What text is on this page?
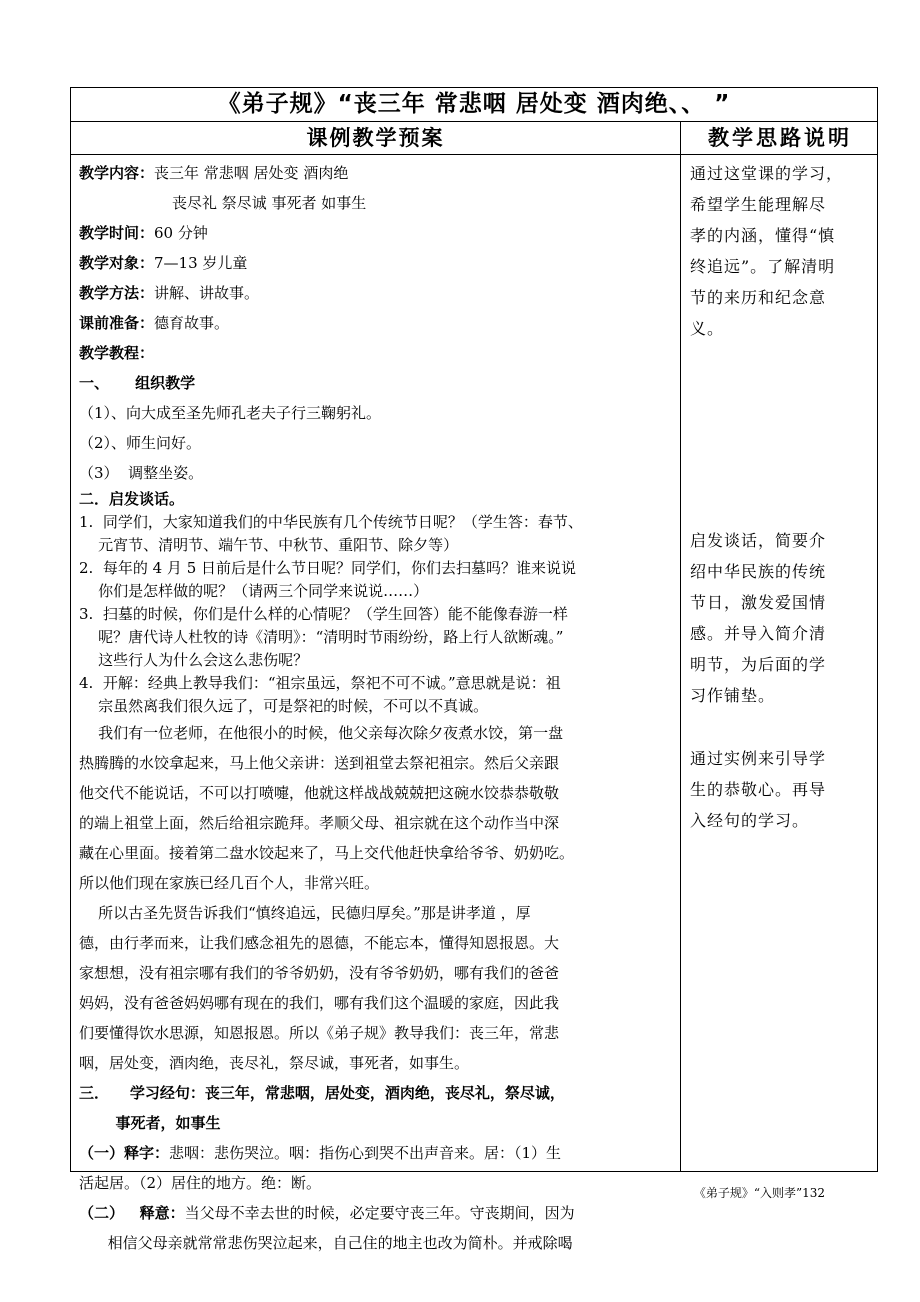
《弟子规》“丧三年 常悲咽 居处变 酒肉绝、、 ”
课例教学预案	教学思路说明
教学内容：丧三年 常悲咽 居处变 酒肉绝
丧尽礼 祭尽诚 事死者 如事生
教学时间：60 分钟
教学对象：7—13 岁儿童
教学方法：讲解、讲故事。
课前准备：德育故事。
教学教程：
一、     组织教学
（1）、向大成至圣先师孔老夫子行三鞠躬礼。
（2）、师生问好。
（3）  调整坐姿。
二．启发谈话。
1.  同学们，大家知道我们的中华民族有几个传统节日呢？（学生答：春节、
元宵节、清明节、端午节、中秋节、重阳节、除夕等）
2.  每年的 4 月 5 日前后是什么节日呢？同学们，你们去扫墓吗？谁来说说
你们是怎样做的呢？（请两三个同学来说说……）
3.  扫墓的时候，你们是什么样的心情呢？（学生回答）能不能像春游一样
呢？唐代诗人杜牧的诗《清明》：“清明时节雨纷纷，路上行人欲断魂。”
这些行人为什么会这么悲伤呢？
4.  开解：经典上教导我们：“祖宗虽远，祭祀不可不诚。”意思就是说：祖
宗虽然离我们很久远了，可是祭祀的时候，不可以不真诚。
我们有一位老师，在他很小的时候，他父亲每次除夕夜煮水饺，第一盘
热腾腾的水饺拿起来，马上他父亲讲：送到祖堂去祭祀祖宗。然后父亲跟
他交代不能说话，不可以打喷嚏，他就这样战战兢兢把这碗水饺恭恭敬敬
的端上祖堂上面，然后给祖宗跪拜。孝顺父母、祖宗就在这个动作当中深
藏在心里面。接着第二盘水饺起来了，马上交代他赶快拿给爷爷、奶奶吃。
所以他们现在家族已经几百个人，非常兴旺。
所以古圣先贤告诉我们“慎终追远，民德归厚矣。”那是讲孝道 ，厚
德，由行孝而来，让我们感念祖先的恩德，不能忘本，懂得知恩报恩。大
家想想，没有祖宗哪有我们的爷爷奶奶，没有爷爷奶奶，哪有我们的爸爸
妈妈，没有爸爸妈妈哪有现在的我们，哪有我们这个温暖的家庭，因此我
们要懂得饮水思源，知恩报恩。所以《弟子规》教导我们：丧三年，常悲
咽，居处变，酒肉绝，丧尽礼，祭尽诚，事死者，如事生。
三．    学习经句：丧三年，常悲咽，居处变，酒肉绝，丧尽礼，祭尽诚，
事死者，如事生
（一）释字：悲咽：悲伤哭泣。咽：指伤心到哭不出声音来。居：（1）生
活起居。（2）居住的地方。绝：断。
（二）   释意：当父母不幸去世的时候，必定要守丧三年。守丧期间，因为
相信父母亲就常常悲伤哭泣起来，自己住的地主也改为简朴。并戒除喝
通过这堂课的学习，
希望学生能理解尽
孝的内涵，懂得“慎
终追远”。了解清明
节的来历和纪念意
义。
启发谈话，简要介
绍中华民族的传统
节日，激发爱国情
感。并导入简介清
明节，为后面的学
习作铺垫。
通过实例来引导学
生的恭敬心。再导
入经句的学习。
《弟子规》“入则孝”132
